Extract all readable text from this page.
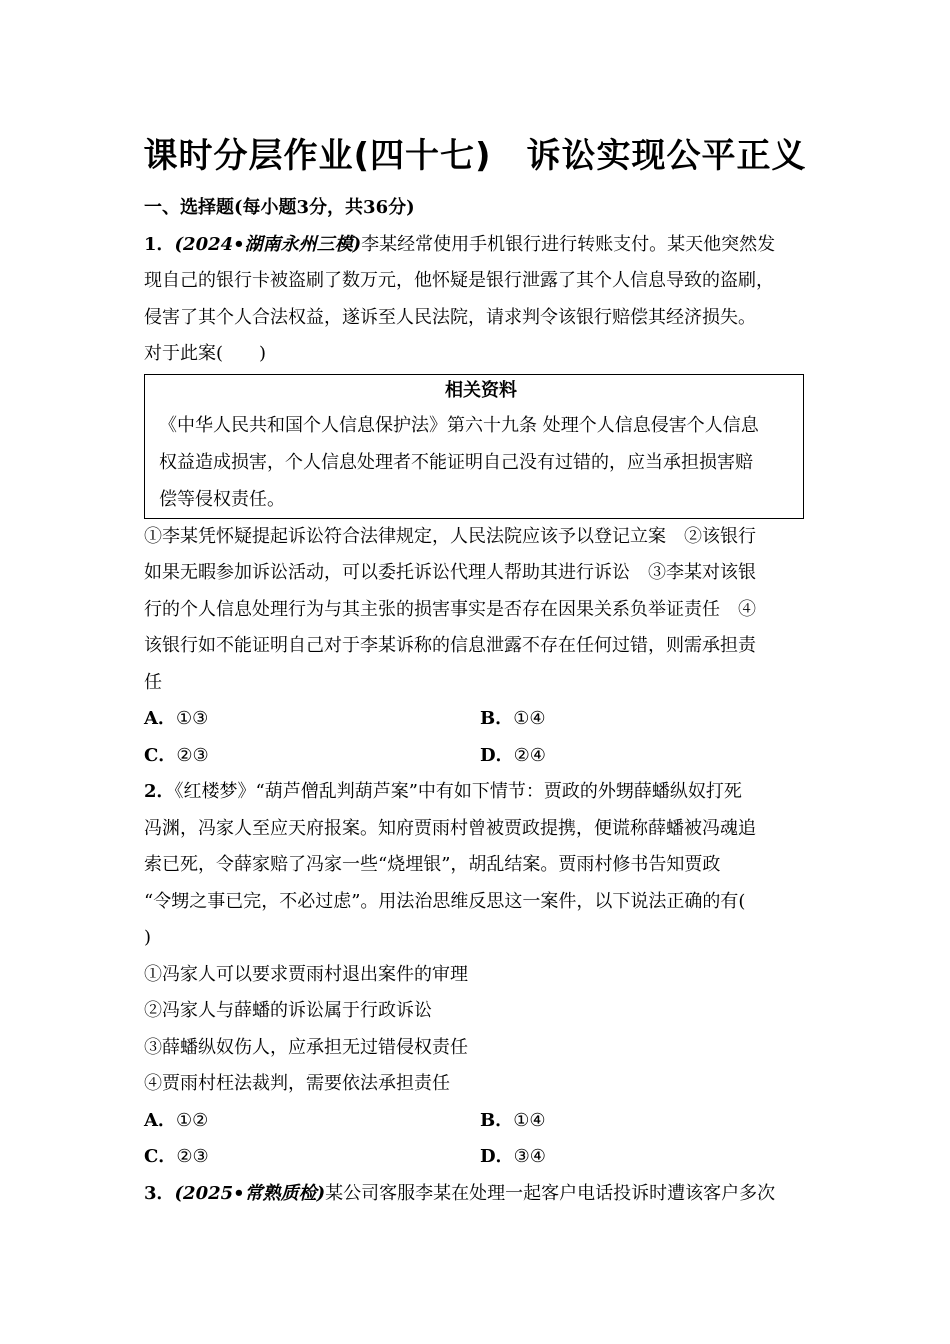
课时分层作业(四十七)　诉讼实现公平正义
一、选择题(每小题3分，共36分)
1．(2024•湖南永州三模)李某经常使用手机银行进行转账支付。某天他突然发
现自己的银行卡被盗刷了数万元，他怀疑是银行泄露了其个人信息导致的盗刷，
侵害了其个人合法权益，遂诉至人民法院，请求判令该银行赔偿其经济损失。
对于此案(　　)
相关资料
《中华人民共和国个人信息保护法》第六十九条 处理个人信息侵害个人信息
权益造成损害，个人信息处理者不能证明自己没有过错的，应当承担损害赔
偿等侵权责任。
①李某凭怀疑提起诉讼符合法律规定，人民法院应该予以登记立案　②该银行
如果无暇参加诉讼活动，可以委托诉讼代理人帮助其进行诉讼　③李某对该银
行的个人信息处理行为与其主张的损害事实是否存在因果关系负举证责任　④
该银行如不能证明自己对于李某诉称的信息泄露不存在任何过错，则需承担责
任
A．①③	B．①④
C．②③	D．②④
2．《红楼梦》“葫芦僧乱判葫芦案”中有如下情节：贾政的外甥薛蟠纵奴打死
冯渊，冯家人至应天府报案。知府贾雨村曾被贾政提携，便谎称薛蟠被冯魂追
索已死，令薛家赔了冯家一些“烧埋银”，胡乱结案。贾雨村修书告知贾政
“令甥之事已完，不必过虑”。用法治思维反思这一案件，以下说法正确的有(
)
①冯家人可以要求贾雨村退出案件的审理
②冯家人与薛蟠的诉讼属于行政诉讼
③薛蟠纵奴伤人，应承担无过错侵权责任
④贾雨村枉法裁判，需要依法承担责任
A．①②	B．①④
C．②③	D．③④
3．(2025•常熟质检)某公司客服李某在处理一起客户电话投诉时遭该客户多次
